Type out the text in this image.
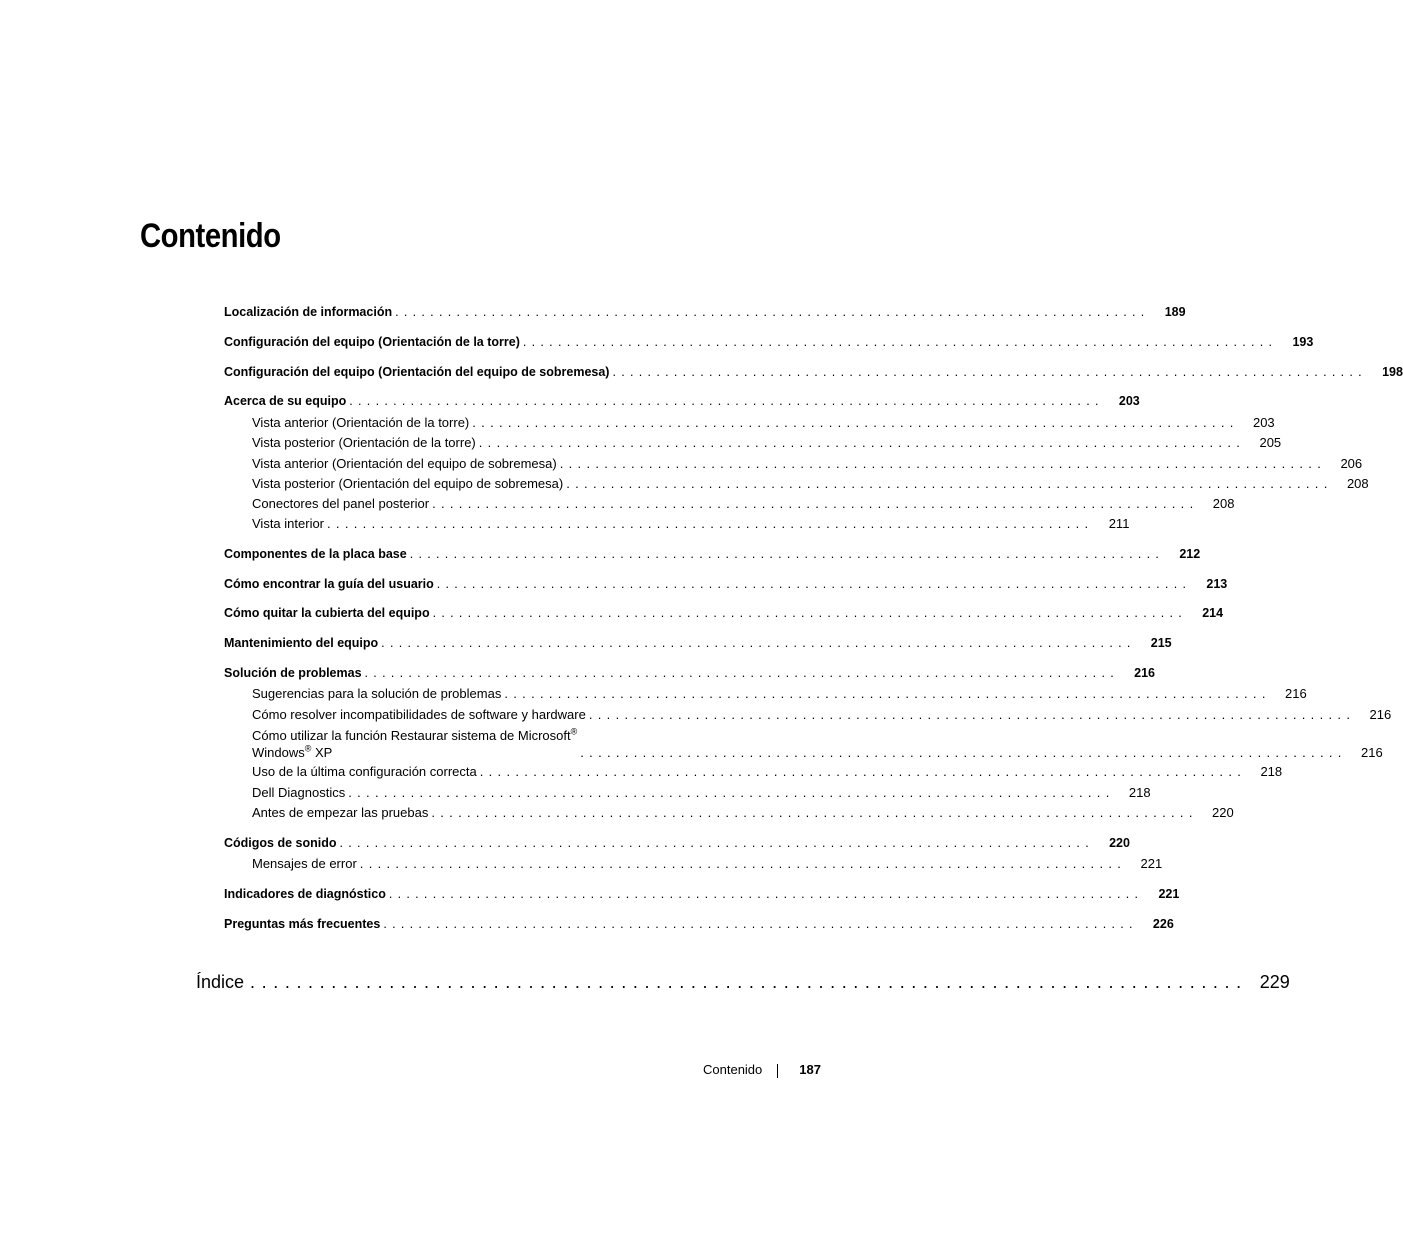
Contenido
Localización de información ...................................................................................... 189
Configuración del equipo (Orientación de la torre) ...................................................................................... 193
Configuración del equipo (Orientación del equipo de sobremesa) ...................................................................................... 198
Acerca de su equipo ...................................................................................... 203
Vista anterior (Orientación de la torre) ...................................................................................... 203
Vista posterior (Orientación de la torre) ...................................................................................... 205
Vista anterior (Orientación del equipo de sobremesa) ...................................................................................... 206
Vista posterior (Orientación del equipo de sobremesa) ...................................................................................... 208
Conectores del panel posterior ...................................................................................... 208
Vista interior ...................................................................................... 211
Componentes de la placa base ...................................................................................... 212
Cómo encontrar la guía del usuario ...................................................................................... 213
Cómo quitar la cubierta del equipo ...................................................................................... 214
Mantenimiento del equipo ...................................................................................... 215
Solución de problemas ...................................................................................... 216
Sugerencias para la solución de problemas ...................................................................................... 216
Cómo resolver incompatibilidades de software y hardware ...................................................................................... 216
Cómo utilizar la función Restaurar sistema de Microsoft®
Windows® XP	...................................................................................... 216
Uso de la última configuración correcta ...................................................................................... 218
Dell Diagnostics ...................................................................................... 218
Antes de empezar las pruebas ...................................................................................... 220
Códigos de sonido ...................................................................................... 220
Mensajes de error ...................................................................................... 221
Indicadores de diagnóstico ...................................................................................... 221
Preguntas más frecuentes ...................................................................................... 226
Índice ...................................................................................... 229
Contenido	187
